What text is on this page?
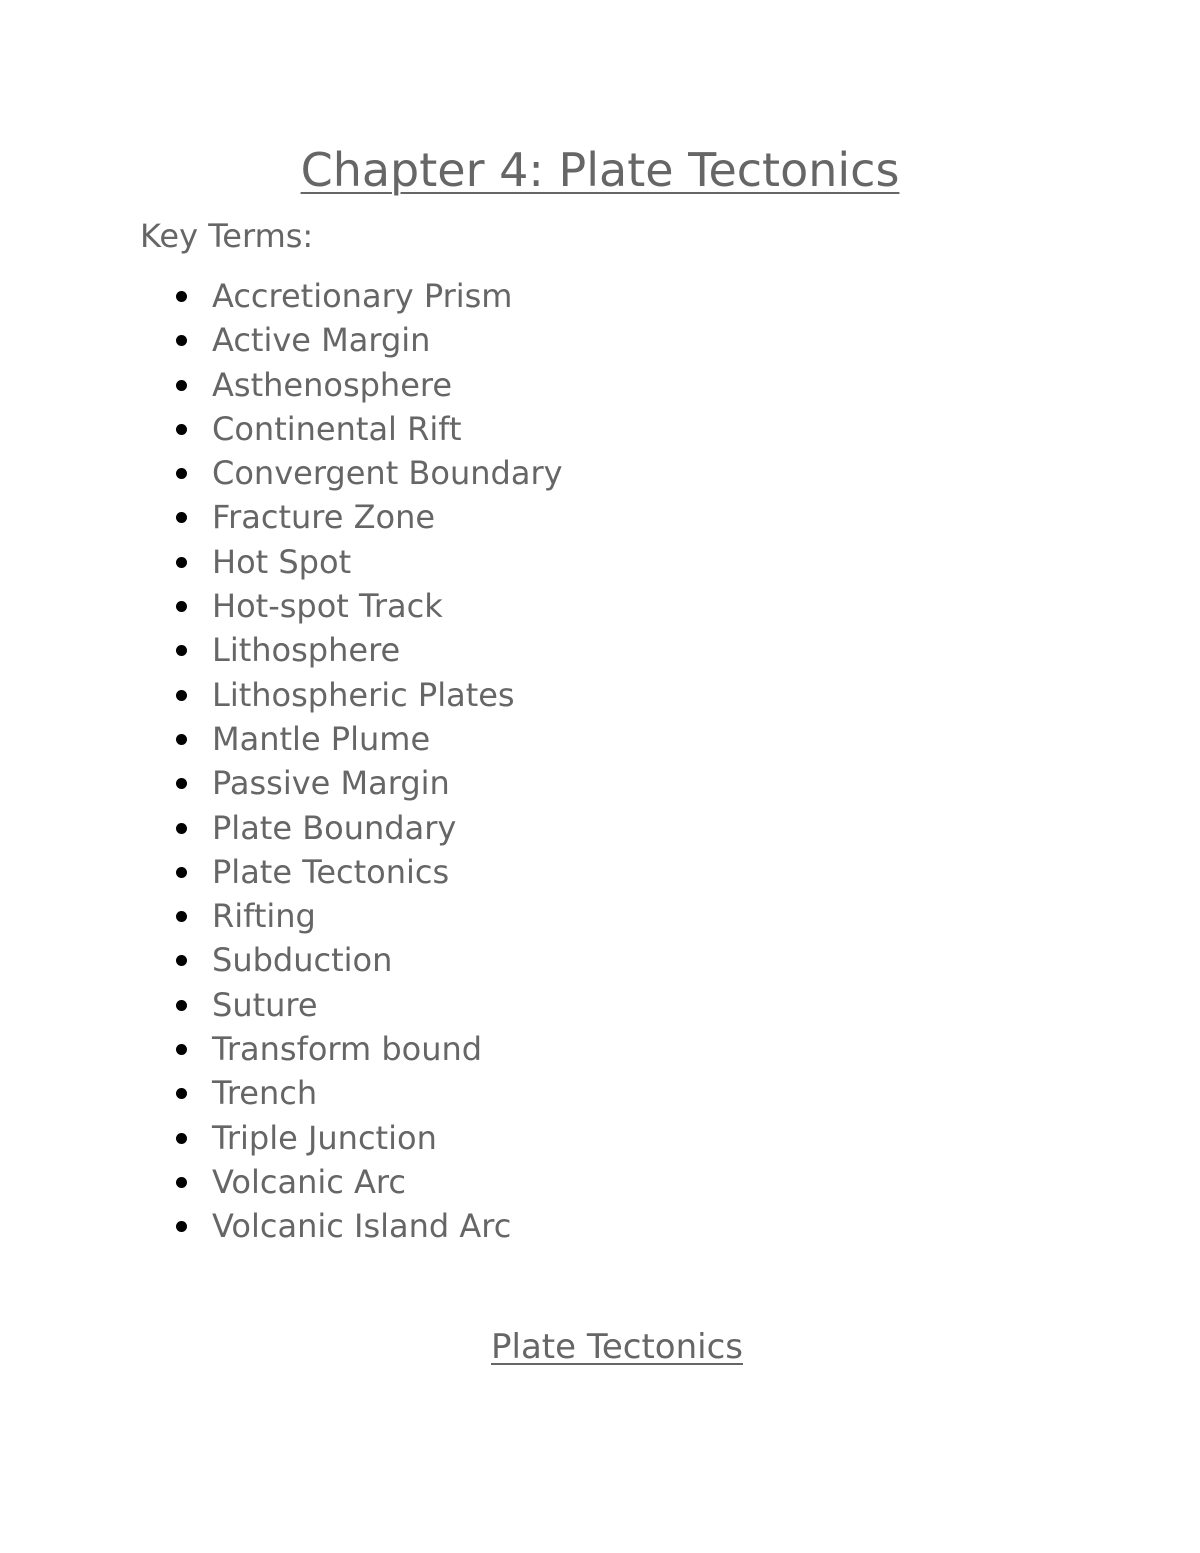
Chapter 4: Plate Tectonics

Key Terms:

Accretionary Prism
Active Margin
Asthenosphere
Continental Rift
Convergent Boundary
Fracture Zone
Hot Spot
Hot-spot Track
Lithosphere
Lithospheric Plates
Mantle Plume
Passive Margin
Plate Boundary
Plate Tectonics
Rifting
Subduction
Suture
Transform bound
Trench
Triple Junction
Volcanic Arc
Volcanic Island Arc
Plate Tectonics
